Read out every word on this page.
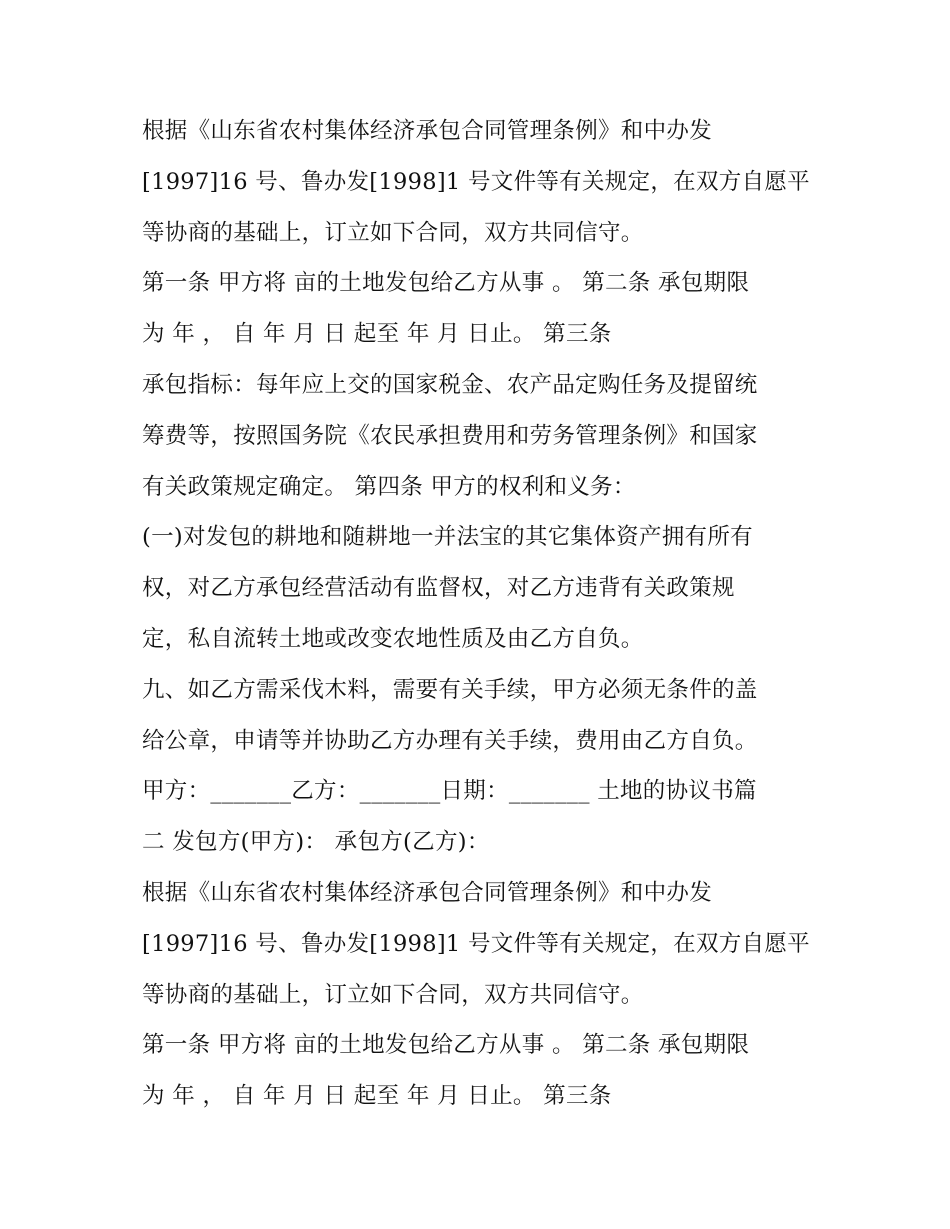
根据《山东省农村集体经济承包合同管理条例》和中办发
[1997]16 号、鲁办发[1998]1 号文件等有关规定，在双方自愿平
等协商的基础上，订立如下合同，双方共同信守。
第一条 甲方将 亩的土地发包给乙方从事 。 第二条 承包期限
为 年 ， 自 年 月 日 起至 年 月 日止。 第三条
承包指标：每年应上交的国家税金、农产品定购任务及提留统
筹费等，按照国务院《农民承担费用和劳务管理条例》和国家
有关政策规定确定。 第四条 甲方的权利和义务：
(一)对发包的耕地和随耕地一并法宝的其它集体资产拥有所有
权，对乙方承包经营活动有监督权，对乙方违背有关政策规
定，私自流转土地或改变农地性质及由乙方自负。
九、如乙方需采伐木料，需要有关手续，甲方必须无条件的盖
给公章，申请等并协助乙方办理有关手续，费用由乙方自负。
甲方：_______乙方：_______日期：_______ 土地的协议书篇
二 发包方(甲方)： 承包方(乙方)：
根据《山东省农村集体经济承包合同管理条例》和中办发
[1997]16 号、鲁办发[1998]1 号文件等有关规定，在双方自愿平
等协商的基础上，订立如下合同，双方共同信守。
第一条 甲方将 亩的土地发包给乙方从事 。 第二条 承包期限
为 年 ， 自 年 月 日 起至 年 月 日止。 第三条
